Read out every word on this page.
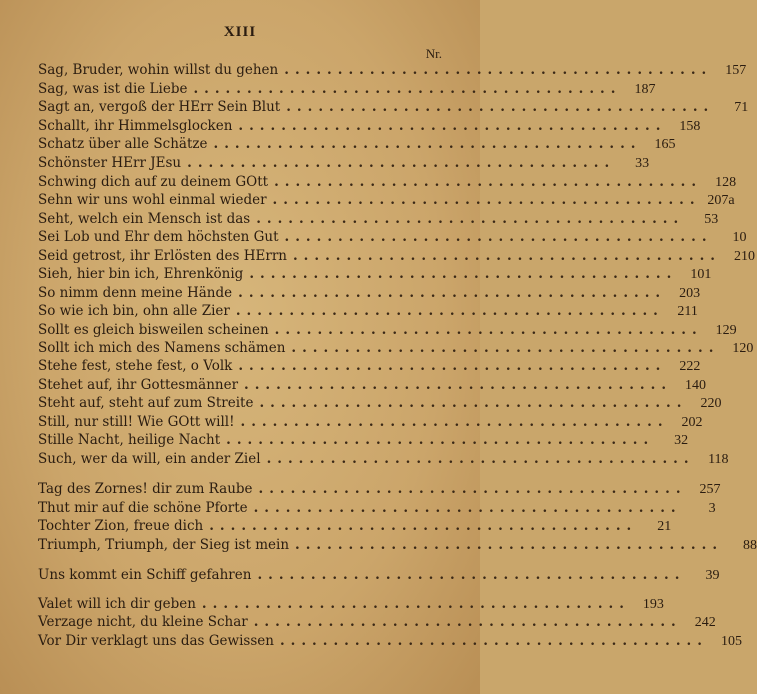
XIII
Nr.
Sag, Bruder, wohin willst du gehen ........................................ 157
Sag, was ist die Liebe ........................................ 187
Sagt an, vergoß der HErr Sein Blut ........................................	71
Schallt, ihr Himmelsglocken ........................................ 158
Schatz über alle Schätze ........................................ 165
Schönster HErr JEsu ........................................	33
Schwing dich auf zu deinem GOtt ........................................ 128
Sehn wir uns wohl einmal wieder ........................................ 207a
Seht, welch ein Mensch ist das ........................................	53
Sei Lob und Ehr dem höchsten Gut ........................................	10
Seid getrost, ihr Erlösten des HErrn ........................................ 210
Sieh, hier bin ich, Ehrenkönig ........................................ 101
So nimm denn meine Hände ........................................ 203
So wie ich bin, ohn alle Zier ........................................ 211
Sollt es gleich bisweilen scheinen ........................................ 129
Sollt ich mich des Namens schämen ........................................ 120
Stehe fest, stehe fest, o Volk ........................................ 222
Stehet auf, ihr Gottesmänner ........................................ 140
Steht auf, steht auf zum Streite ........................................ 220
Still, nur still! Wie GOtt will! ........................................ 202
Stille Nacht, heilige Nacht ........................................	32
Such, wer da will, ein ander Ziel ........................................ 118
Tag des Zornes! dir zum Raube ........................................ 257
Thut mir auf die schöne Pforte ........................................	3
Tochter Zion, freue dich ........................................	21
Triumph, Triumph, der Sieg ist mein ........................................	88
Uns kommt ein Schiff gefahren ........................................	39
Valet will ich dir geben ........................................ 193
Verzage nicht, du kleine Schar ........................................ 242
Vor Dir verklagt uns das Gewissen ........................................ 105
